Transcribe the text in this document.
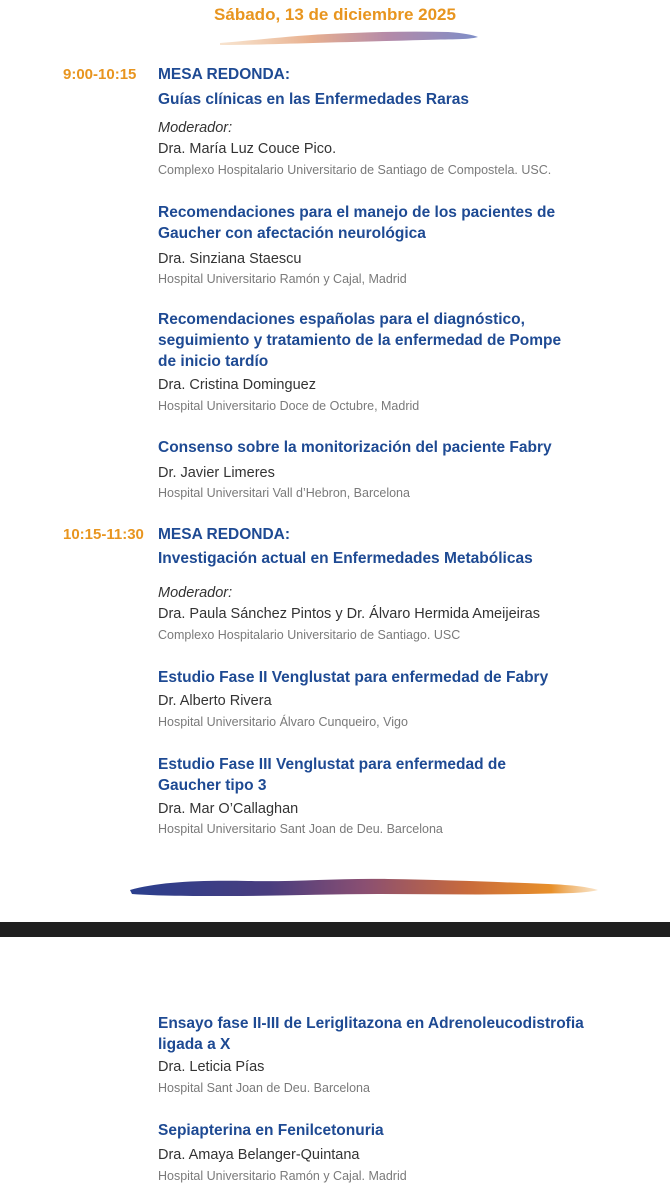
Sábado, 13 de diciembre 2025
9:00-10:15 MESA REDONDA:
Guías clínicas en las Enfermedades Raras
Moderador:
Dra. María Luz Couce Pico.
Complexo Hospitalario Universitario de Santiago de Compostela. USC.
Recomendaciones para el manejo de los pacientes de
Gaucher con afectación neurológica
Dra. Sinziana Staescu
Hospital Universitario Ramón y Cajal, Madrid
Recomendaciones españolas para el diagnóstico,
seguimiento y tratamiento de la enfermedad de Pompe
de inicio tardío
Dra. Cristina Dominguez
Hospital Universitario Doce de Octubre, Madrid
Consenso sobre la monitorización del paciente Fabry
Dr. Javier Limeres
Hospital Universitari Vall d’Hebron, Barcelona
10:15-11:30 MESA REDONDA:
Investigación actual en Enfermedades Metabólicas
Moderador:
Dra. Paula Sánchez Pintos y Dr. Álvaro Hermida Ameijeiras
Complexo Hospitalario Universitario de Santiago. USC
Estudio Fase II Venglustat para enfermedad de Fabry
Dr. Alberto Rivera
Hospital Universitario Álvaro Cunqueiro, Vigo
Estudio Fase III Venglustat para enfermedad de
Gaucher tipo 3
Dra. Mar O’Callaghan
Hospital Universitario Sant Joan de Deu. Barcelona
Ensayo fase II-III de Leriglitazona en Adrenoleucodistrofia
ligada a X
Dra. Leticia Pías
Hospital Sant Joan de Deu. Barcelona
Sepiapterina en Fenilcetonuria
Dra. Amaya Belanger-Quintana
Hospital Universitario Ramón y Cajal. Madrid
